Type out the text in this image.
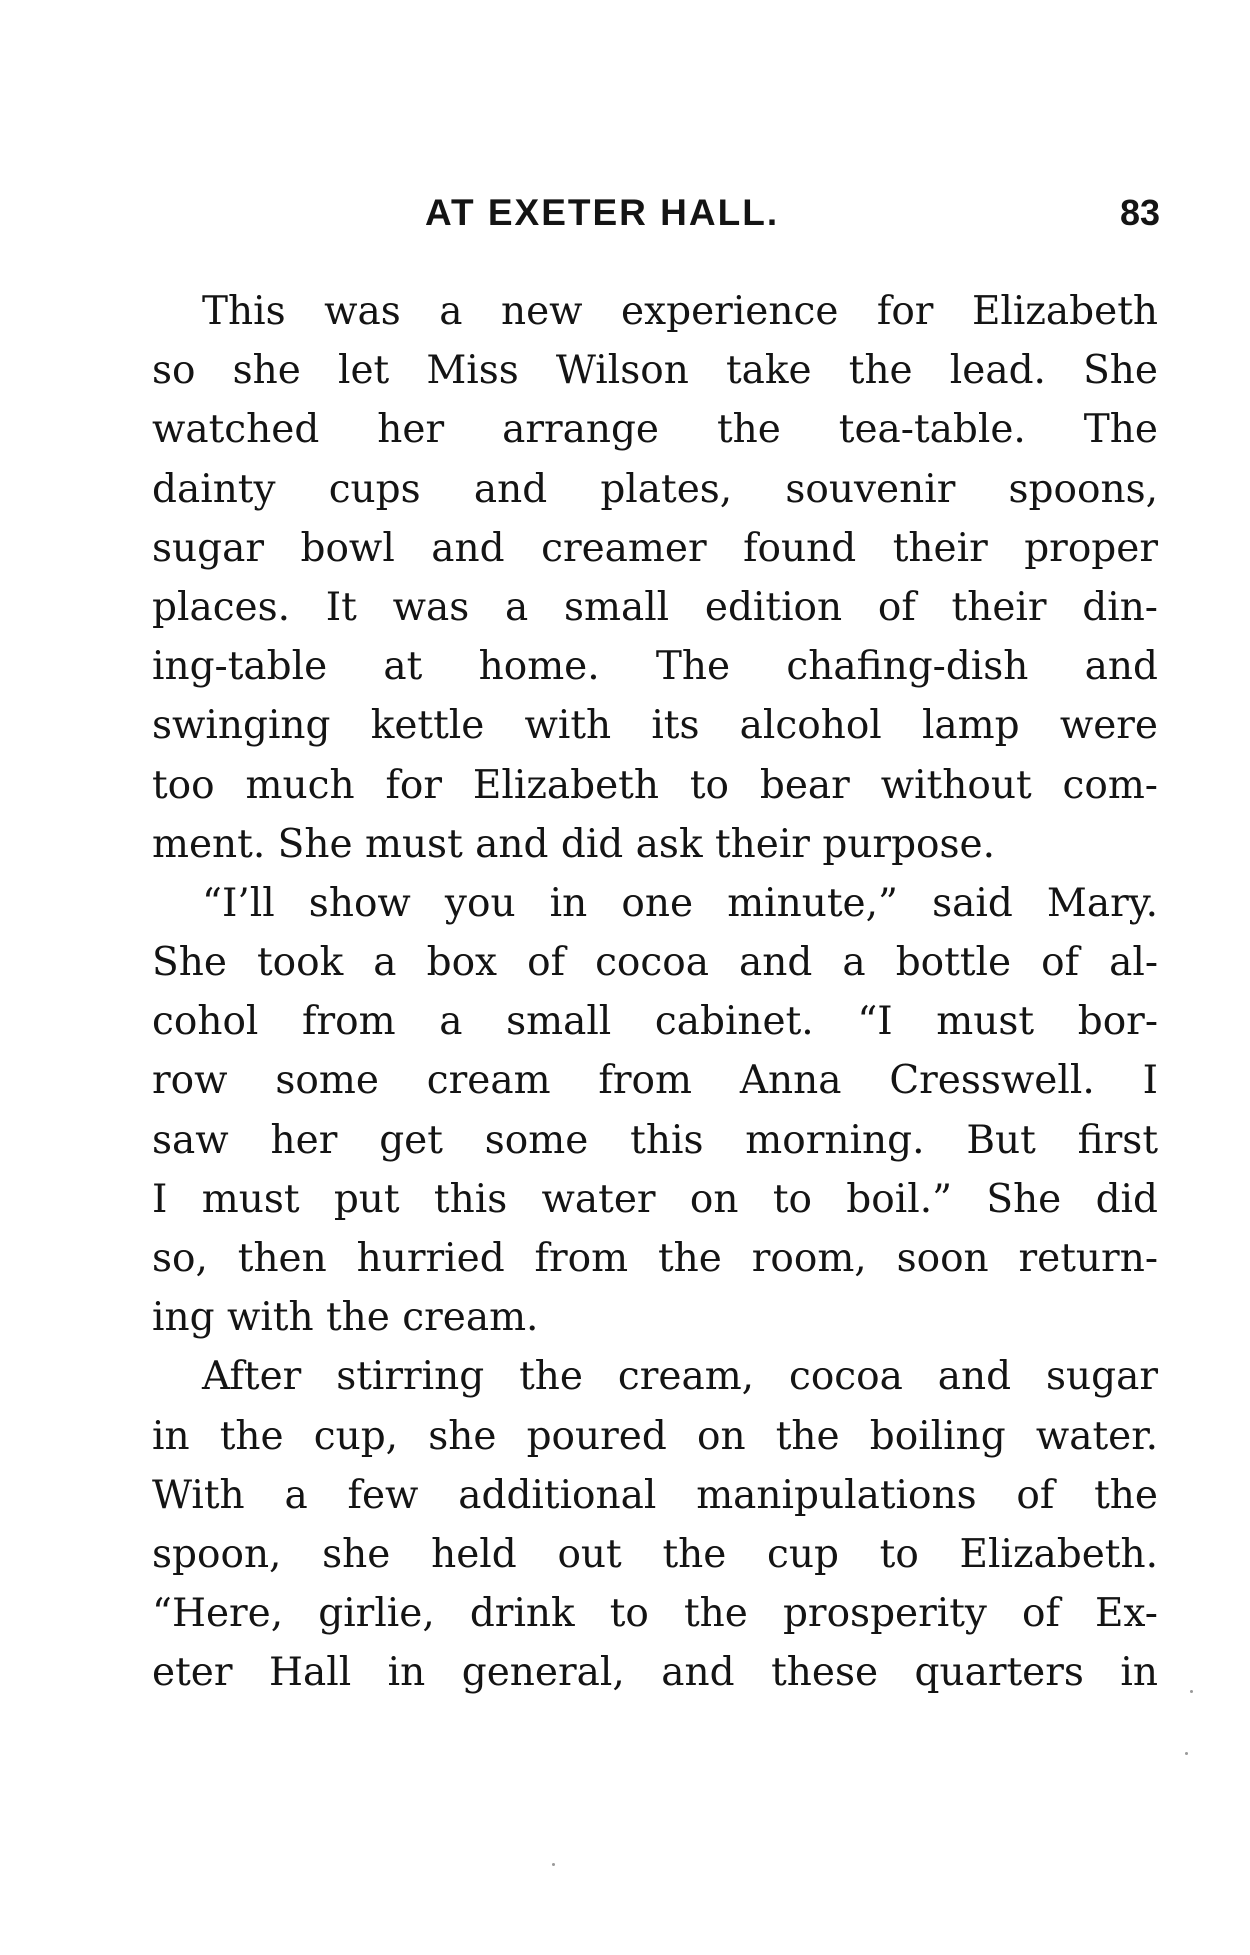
AT EXETER HALL.	83

This was a new experience for Elizabeth
so she let Miss Wilson take the lead. She
watched her arrange the tea-table. The
dainty cups and plates, souvenir spoons,
sugar bowl and creamer found their proper
places. It was a small edition of their din-
ing-table at home. The chafing-dish and
swinging kettle with its alcohol lamp were
too much for Elizabeth to bear without com-
ment. She must and did ask their purpose.

“I’ll show you in one minute,” said Mary.
She took a box of cocoa and a bottle of al-
cohol from a small cabinet. “I must bor-
row some cream from Anna Cresswell. I
saw her get some this morning. But first
I must put this water on to boil.” She did
so, then hurried from the room, soon return-
ing with the cream.

After stirring the cream, cocoa and sugar
in the cup, she poured on the boiling water.
With a few additional manipulations of the
spoon, she held out the cup to Elizabeth.
“Here, girlie, drink to the prosperity of Ex-
eter Hall in general, and these quarters in
